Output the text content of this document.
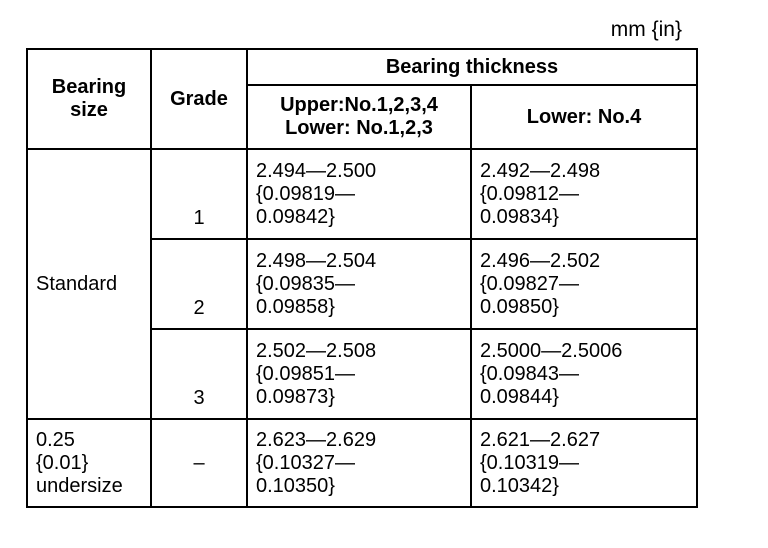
mm {in}
Bearing
size	Grade	Bearing thickness	

		Upper:No.1,2,3,4
Lower: No.1,2,3	Lower: No.4
Standard	1	2.494—2.500
{0.09819—
0.09842}	2.492—2.498
{0.09812—
0.09834}

	2	2.498—2.504
{0.09835—
0.09858}	2.496—2.502
{0.09827—
0.09850}

	3	2.502—2.508
{0.09851—
0.09873}	2.5000—2.5006
{0.09843—
0.09844}

0.25
{0.01}
undersize	–	2.623—2.629
{0.10327—
0.10350}	2.621—2.627
{0.10319—
0.10342}
